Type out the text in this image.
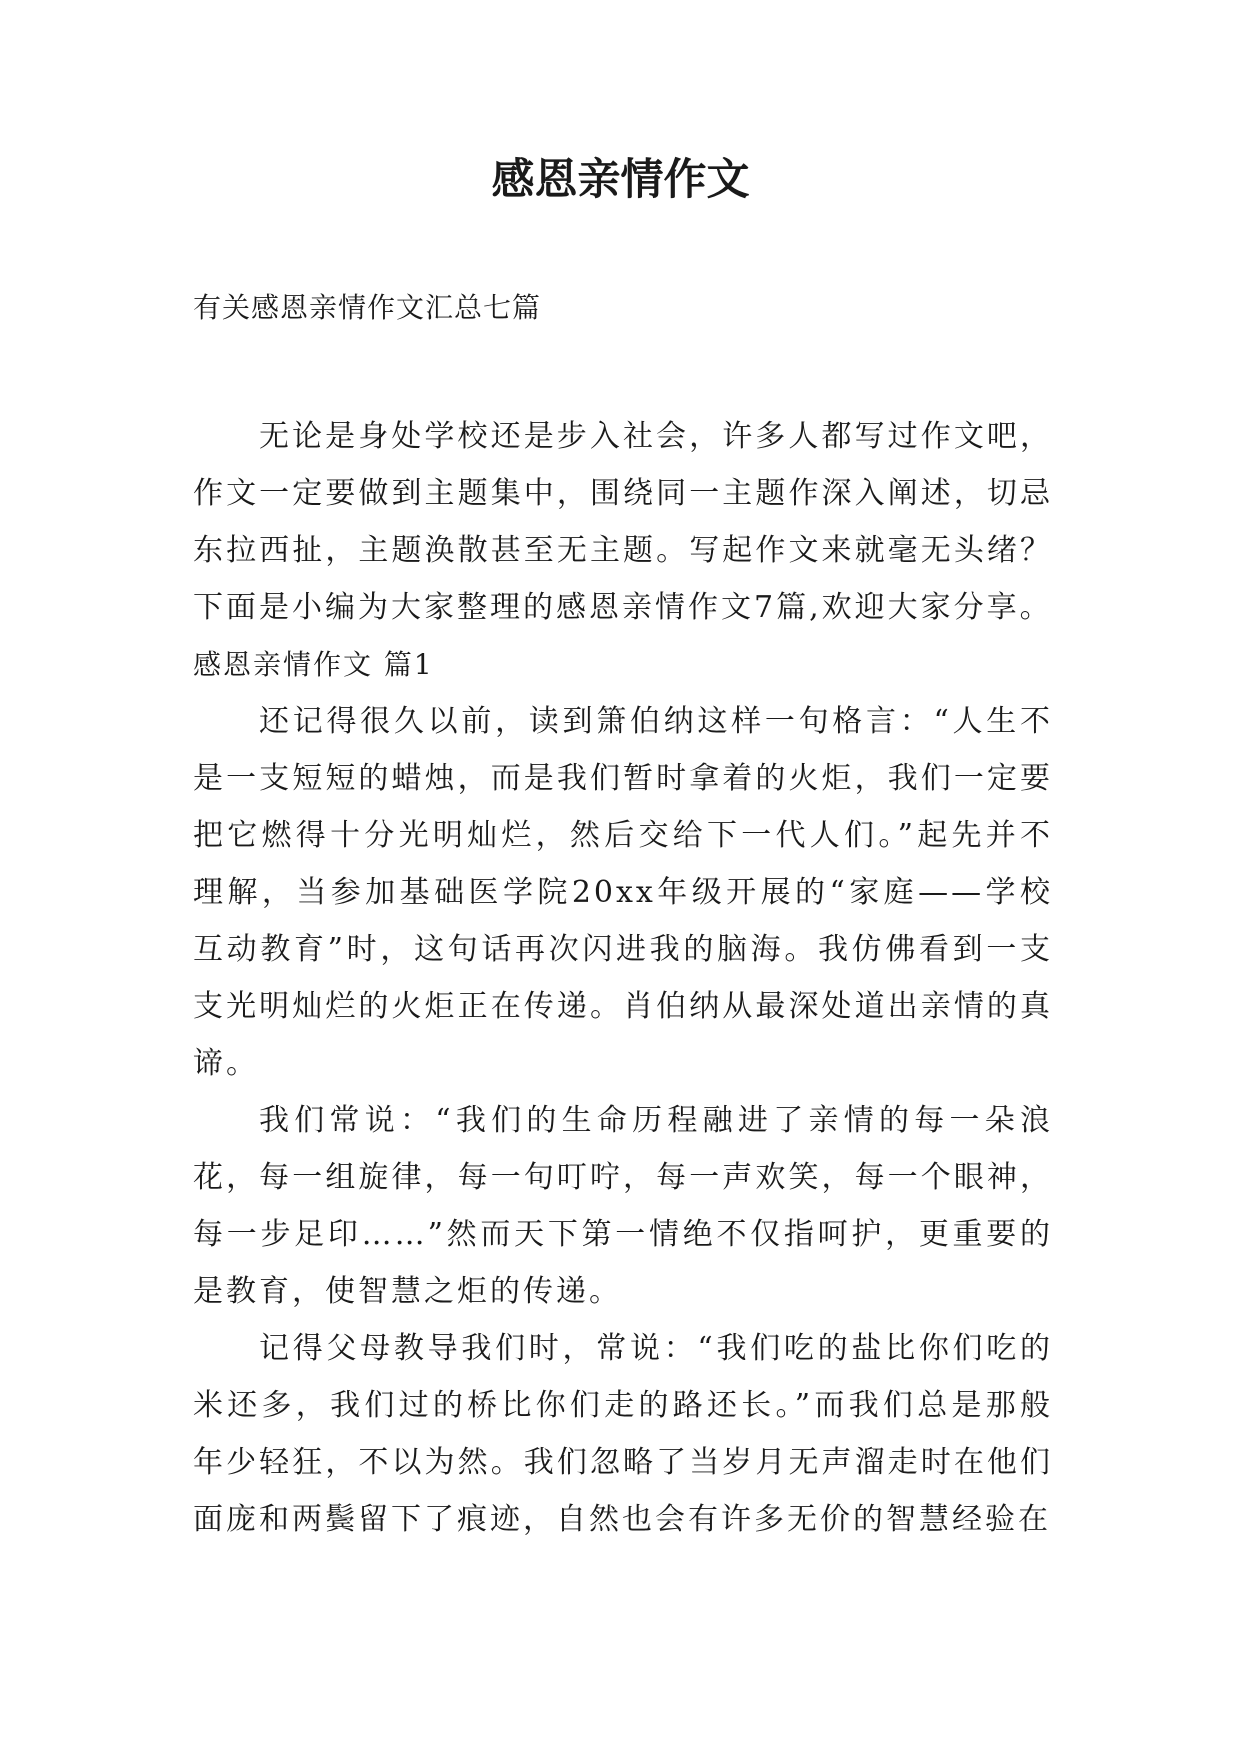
感恩亲情作文

有关感恩亲情作文汇总七篇

无论是身处学校还是步入社会，许多人都写过作文吧，作文一定要做到主题集中，围绕同一主题作深入阐述，切忌东拉西扯，主题涣散甚至无主题。写起作文来就毫无头绪？下面是小编为大家整理的感恩亲情作文7篇,欢迎大家分享。

感恩亲情作文 篇1

还记得很久以前，读到箫伯纳这样一句格言：“人生不是一支短短的蜡烛，而是我们暂时拿着的火炬，我们一定要把它燃得十分光明灿烂，然后交给下一代人们。”起先并不理解，当参加基础医学院20xx年级开展的“家庭——学校互动教育”时，这句话再次闪进我的脑海。我仿佛看到一支支光明灿烂的火炬正在传递。肖伯纳从最深处道出亲情的真谛。

我们常说：“我们的生命历程融进了亲情的每一朵浪花，每一组旋律，每一句叮咛，每一声欢笑，每一个眼神，每一步足印……”然而天下第一情绝不仅指呵护，更重要的是教育，使智慧之炬的传递。

记得父母教导我们时，常说：“我们吃的盐比你们吃的米还多，我们过的桥比你们走的路还长。”而我们总是那般年少轻狂，不以为然。我们忽略了当岁月无声溜走时在他们面庞和两鬓留下了痕迹，自然也会有许多无价的智慧经验在
